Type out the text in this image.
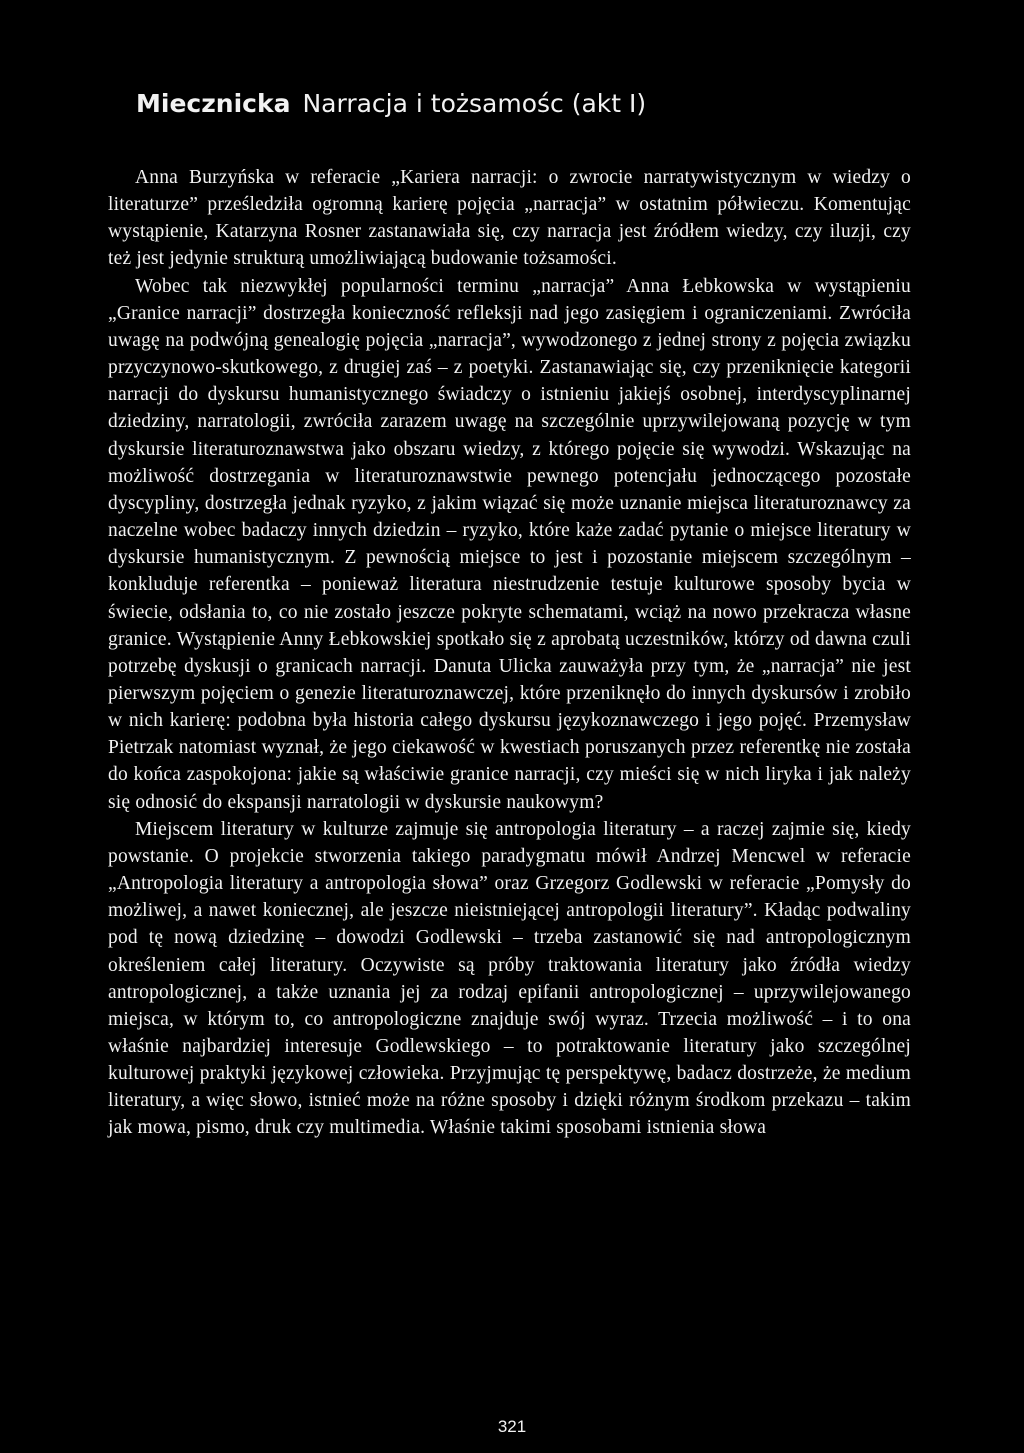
Miecznicka Narracja i tożsamośc (akt I)

Anna Burzyńska w referacie „Kariera narracji: o zwrocie narratywistycznym w wiedzy o literaturze” prześledziła ogromną karierę pojęcia „narracja” w ostatnim półwieczu. Komentując wystąpienie, Katarzyna Rosner zastanawiała się, czy narracja jest źródłem wiedzy, czy iluzji, czy też jest jedynie strukturą umożliwiającą budowanie tożsamości.

Wobec tak niezwykłej popularności terminu „narracja” Anna Łebkowska w wystąpieniu „Granice narracji” dostrzegła konieczność refleksji nad jego zasięgiem i ograniczeniami. Zwróciła uwagę na podwójną genealogię pojęcia „narracja”, wywodzonego z jednej strony z pojęcia związku przyczynowo-skutkowego, z drugiej zaś – z poetyki. Zastanawiając się, czy przeniknięcie kategorii narracji do dyskursu humanistycznego świadczy o istnieniu jakiejś osobnej, interdyscyplinarnej dziedziny, narratologii, zwróciła zarazem uwagę na szczególnie uprzywilejowaną pozycję w tym dyskursie literaturoznawstwa jako obszaru wiedzy, z którego pojęcie się wywodzi. Wskazując na możliwość dostrzegania w literaturoznawstwie pewnego potencjału jednoczącego pozostałe dyscypliny, dostrzegła jednak ryzyko, z jakim wiązać się może uznanie miejsca literaturoznawcy za naczelne wobec badaczy innych dziedzin – ryzyko, które każe zadać pytanie o miejsce literatury w dyskursie humanistycznym. Z pewnością miejsce to jest i pozostanie miejscem szczególnym – konkluduje referentka – ponieważ literatura niestrudzenie testuje kulturowe sposoby bycia w świecie, odsłania to, co nie zostało jeszcze pokryte schematami, wciąż na nowo przekracza własne granice. Wystąpienie Anny Łebkowskiej spotkało się z aprobatą uczestników, którzy od dawna czuli potrzebę dyskusji o granicach narracji. Danuta Ulicka zauważyła przy tym, że „narracja” nie jest pierwszym pojęciem o genezie literaturoznawczej, które przeniknęło do innych dyskursów i zrobiło w nich karierę: podobna była historia całego dyskursu językoznawczego i jego pojęć. Przemysław Pietrzak natomiast wyznał, że jego ciekawość w kwestiach poruszanych przez referentkę nie została do końca zaspokojona: jakie są właściwie granice narracji, czy mieści się w nich liryka i jak należy się odnosić do ekspansji narratologii w dyskursie naukowym?

Miejscem literatury w kulturze zajmuje się antropologia literatury – a raczej zajmie się, kiedy powstanie. O projekcie stworzenia takiego paradygmatu mówił Andrzej Mencwel w referacie „Antropologia literatury a antropologia słowa” oraz Grzegorz Godlewski w referacie „Pomysły do możliwej, a nawet koniecznej, ale jeszcze nieistniejącej antropologii literatury”. Kładąc podwaliny pod tę nową dziedzinę – dowodzi Godlewski – trzeba zastanowić się nad antropologicznym określeniem całej literatury. Oczywiste są próby traktowania literatury jako źródła wiedzy antropologicznej, a także uznania jej za rodzaj epifanii antropologicznej – uprzywilejowanego miejsca, w którym to, co antropologiczne znajduje swój wyraz. Trzecia możliwość – i to ona właśnie najbardziej interesuje Godlewskiego – to potraktowanie literatury jako szczególnej kulturowej praktyki językowej człowieka. Przyjmując tę perspektywę, badacz dostrzeże, że medium literatury, a więc słowo, istnieć może na różne sposoby i dzięki różnym środkom przekazu – takim jak mowa, pismo, druk czy multimedia. Właśnie takimi sposobami istnienia słowa

321
